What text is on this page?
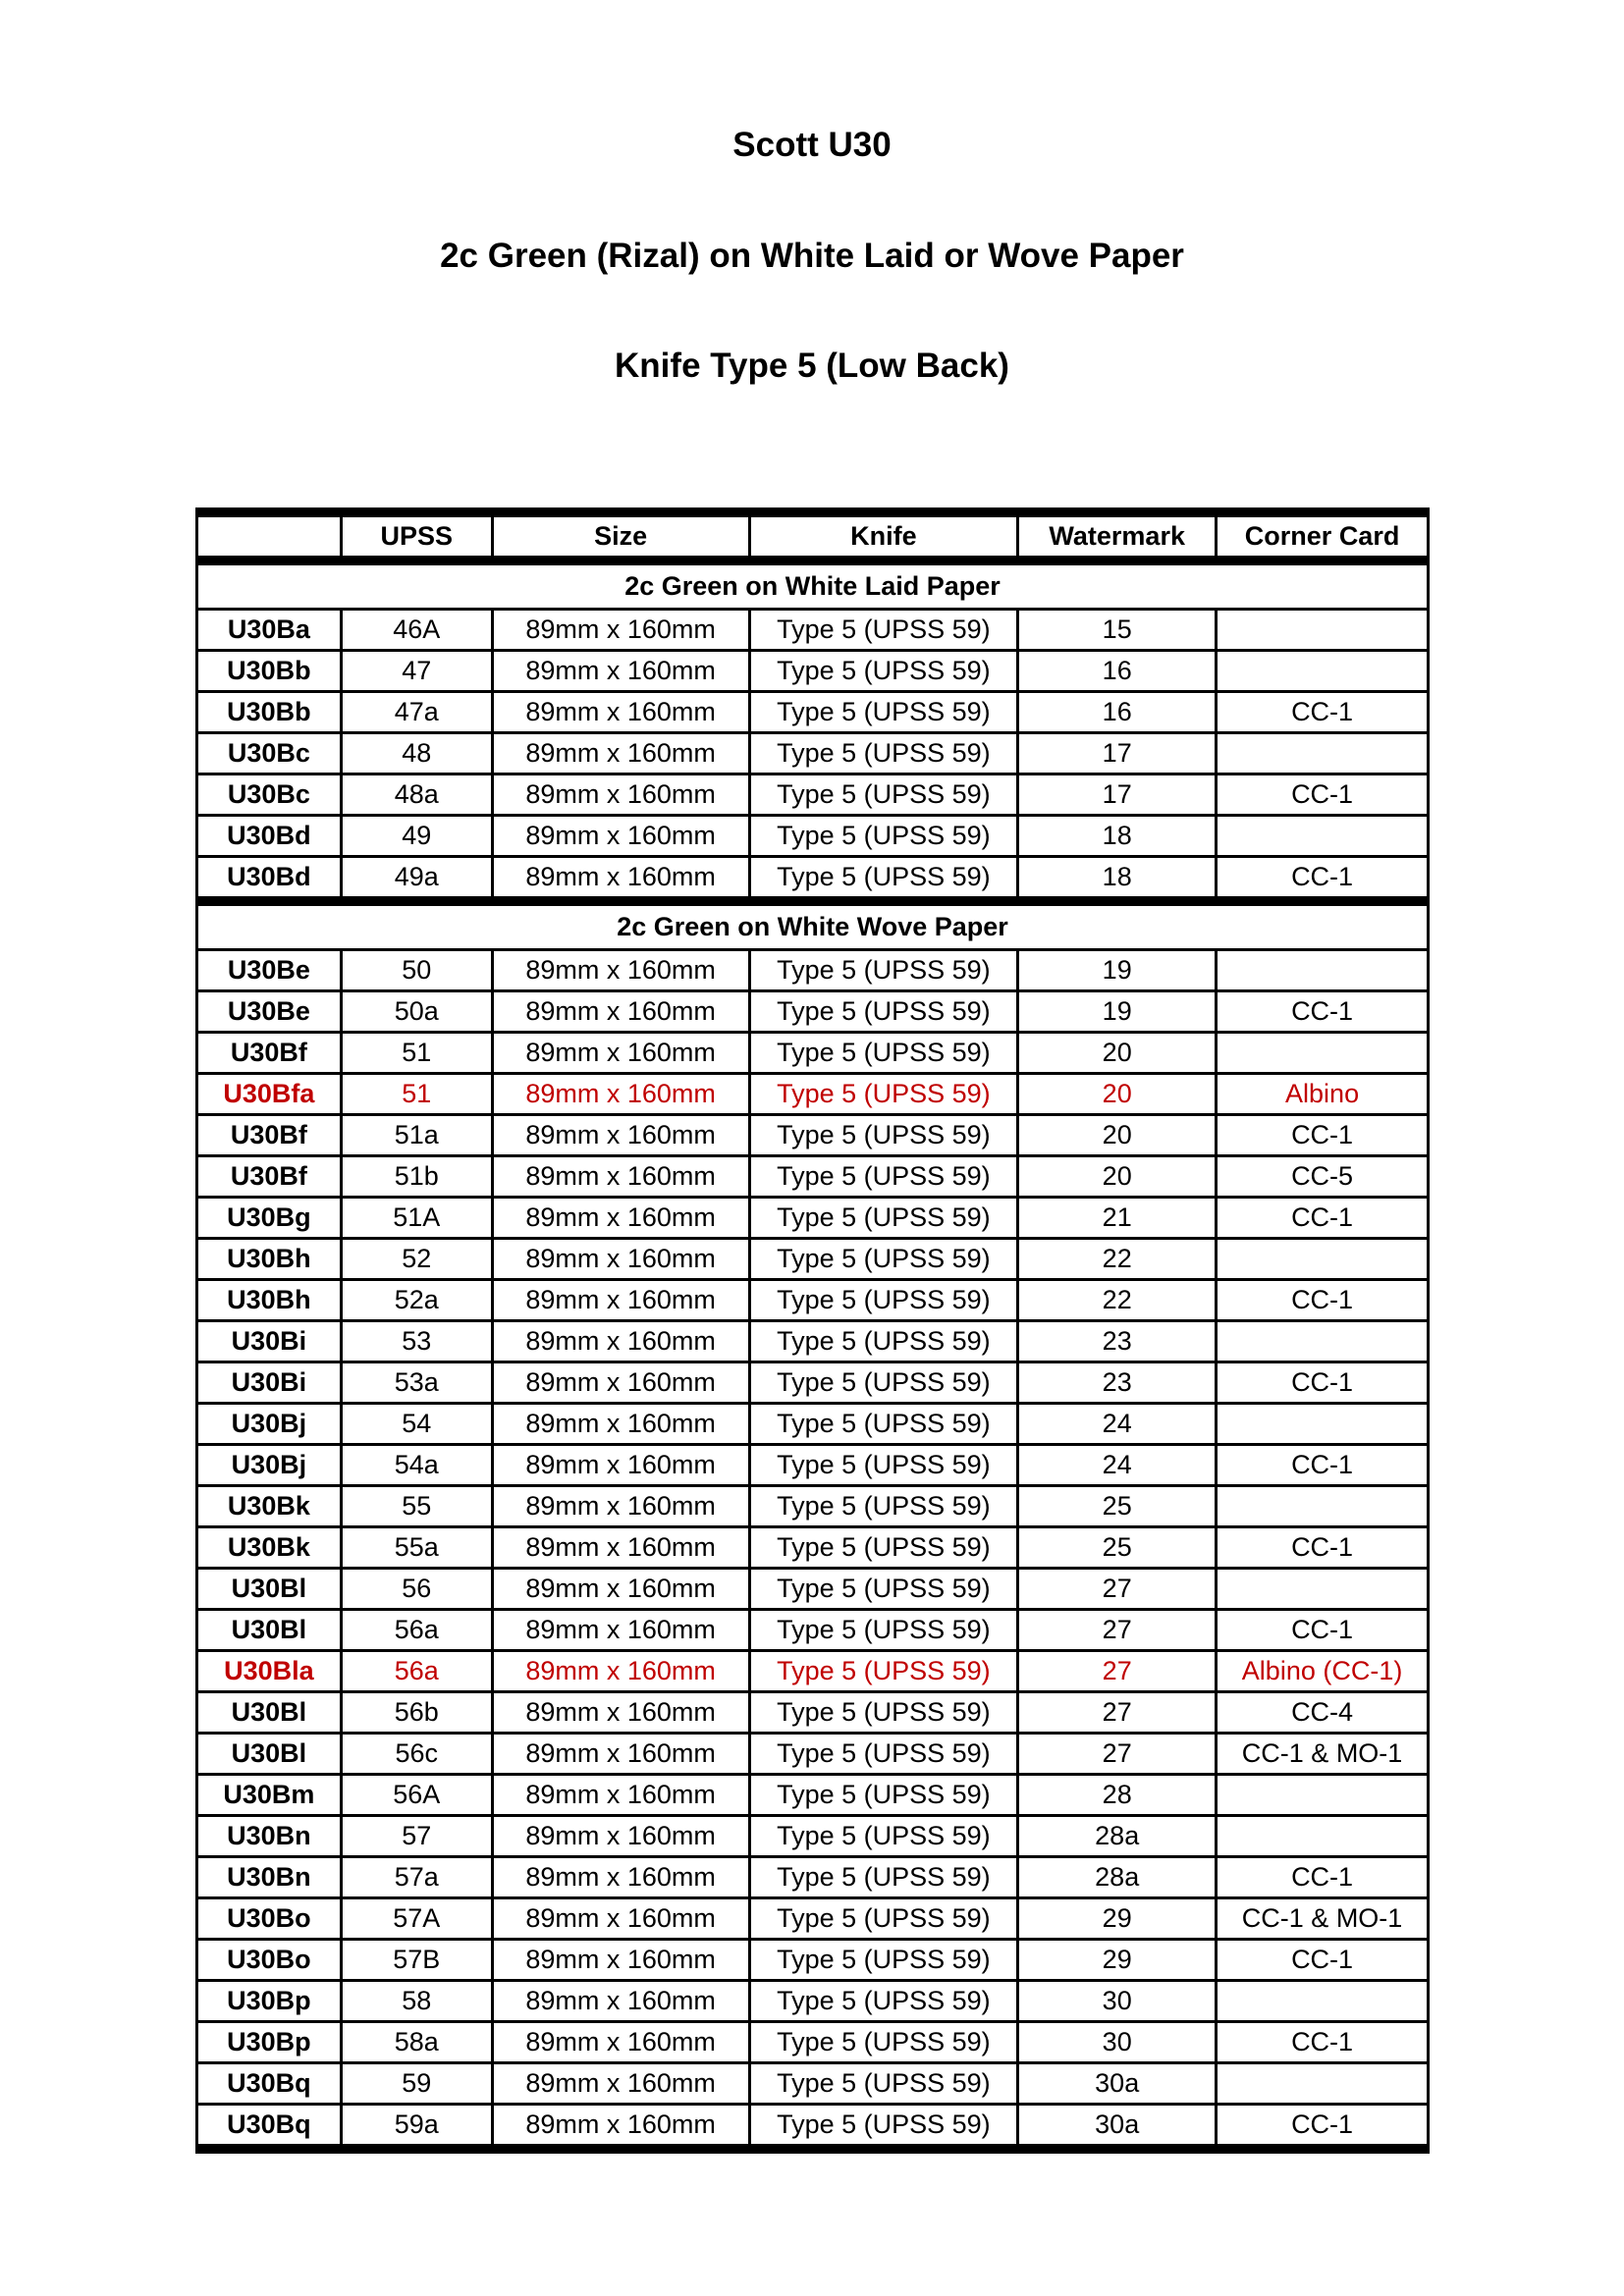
Scott U30
2c Green (Rizal) on White Laid or Wove Paper
Knife Type 5 (Low Back)
	UPSS	Size	Knife	Watermark	Corner Card
2c Green on White Laid Paper					
U30Ba	46A	89mm x 160mm	Type 5 (UPSS 59)	15	
U30Bb	47	89mm x 160mm	Type 5 (UPSS 59)	16	
U30Bb	47a	89mm x 160mm	Type 5 (UPSS 59)	16	CC-1
U30Bc	48	89mm x 160mm	Type 5 (UPSS 59)	17	
U30Bc	48a	89mm x 160mm	Type 5 (UPSS 59)	17	CC-1
U30Bd	49	89mm x 160mm	Type 5 (UPSS 59)	18	
U30Bd	49a	89mm x 160mm	Type 5 (UPSS 59)	18	CC-1
2c Green on White Wove Paper					
U30Be	50	89mm x 160mm	Type 5 (UPSS 59)	19	
U30Be	50a	89mm x 160mm	Type 5 (UPSS 59)	19	CC-1
U30Bf	51	89mm x 160mm	Type 5 (UPSS 59)	20	
U30Bfa	51	89mm x 160mm	Type 5 (UPSS 59)	20	Albino
U30Bf	51a	89mm x 160mm	Type 5 (UPSS 59)	20	CC-1
U30Bf	51b	89mm x 160mm	Type 5 (UPSS 59)	20	CC-5
U30Bg	51A	89mm x 160mm	Type 5 (UPSS 59)	21	CC-1
U30Bh	52	89mm x 160mm	Type 5 (UPSS 59)	22	
U30Bh	52a	89mm x 160mm	Type 5 (UPSS 59)	22	CC-1
U30Bi	53	89mm x 160mm	Type 5 (UPSS 59)	23	
U30Bi	53a	89mm x 160mm	Type 5 (UPSS 59)	23	CC-1
U30Bj	54	89mm x 160mm	Type 5 (UPSS 59)	24	
U30Bj	54a	89mm x 160mm	Type 5 (UPSS 59)	24	CC-1
U30Bk	55	89mm x 160mm	Type 5 (UPSS 59)	25	
U30Bk	55a	89mm x 160mm	Type 5 (UPSS 59)	25	CC-1
U30Bl	56	89mm x 160mm	Type 5 (UPSS 59)	27	
U30Bl	56a	89mm x 160mm	Type 5 (UPSS 59)	27	CC-1
U30Bla	56a	89mm x 160mm	Type 5 (UPSS 59)	27	Albino (CC-1)
U30Bl	56b	89mm x 160mm	Type 5 (UPSS 59)	27	CC-4
U30Bl	56c	89mm x 160mm	Type 5 (UPSS 59)	27	CC-1 & MO-1
U30Bm	56A	89mm x 160mm	Type 5 (UPSS 59)	28	
U30Bn	57	89mm x 160mm	Type 5 (UPSS 59)	28a	
U30Bn	57a	89mm x 160mm	Type 5 (UPSS 59)	28a	CC-1
U30Bo	57A	89mm x 160mm	Type 5 (UPSS 59)	29	CC-1 & MO-1
U30Bo	57B	89mm x 160mm	Type 5 (UPSS 59)	29	CC-1
U30Bp	58	89mm x 160mm	Type 5 (UPSS 59)	30	
U30Bp	58a	89mm x 160mm	Type 5 (UPSS 59)	30	CC-1
U30Bq	59	89mm x 160mm	Type 5 (UPSS 59)	30a	
U30Bq	59a	89mm x 160mm	Type 5 (UPSS 59)	30a	CC-1
